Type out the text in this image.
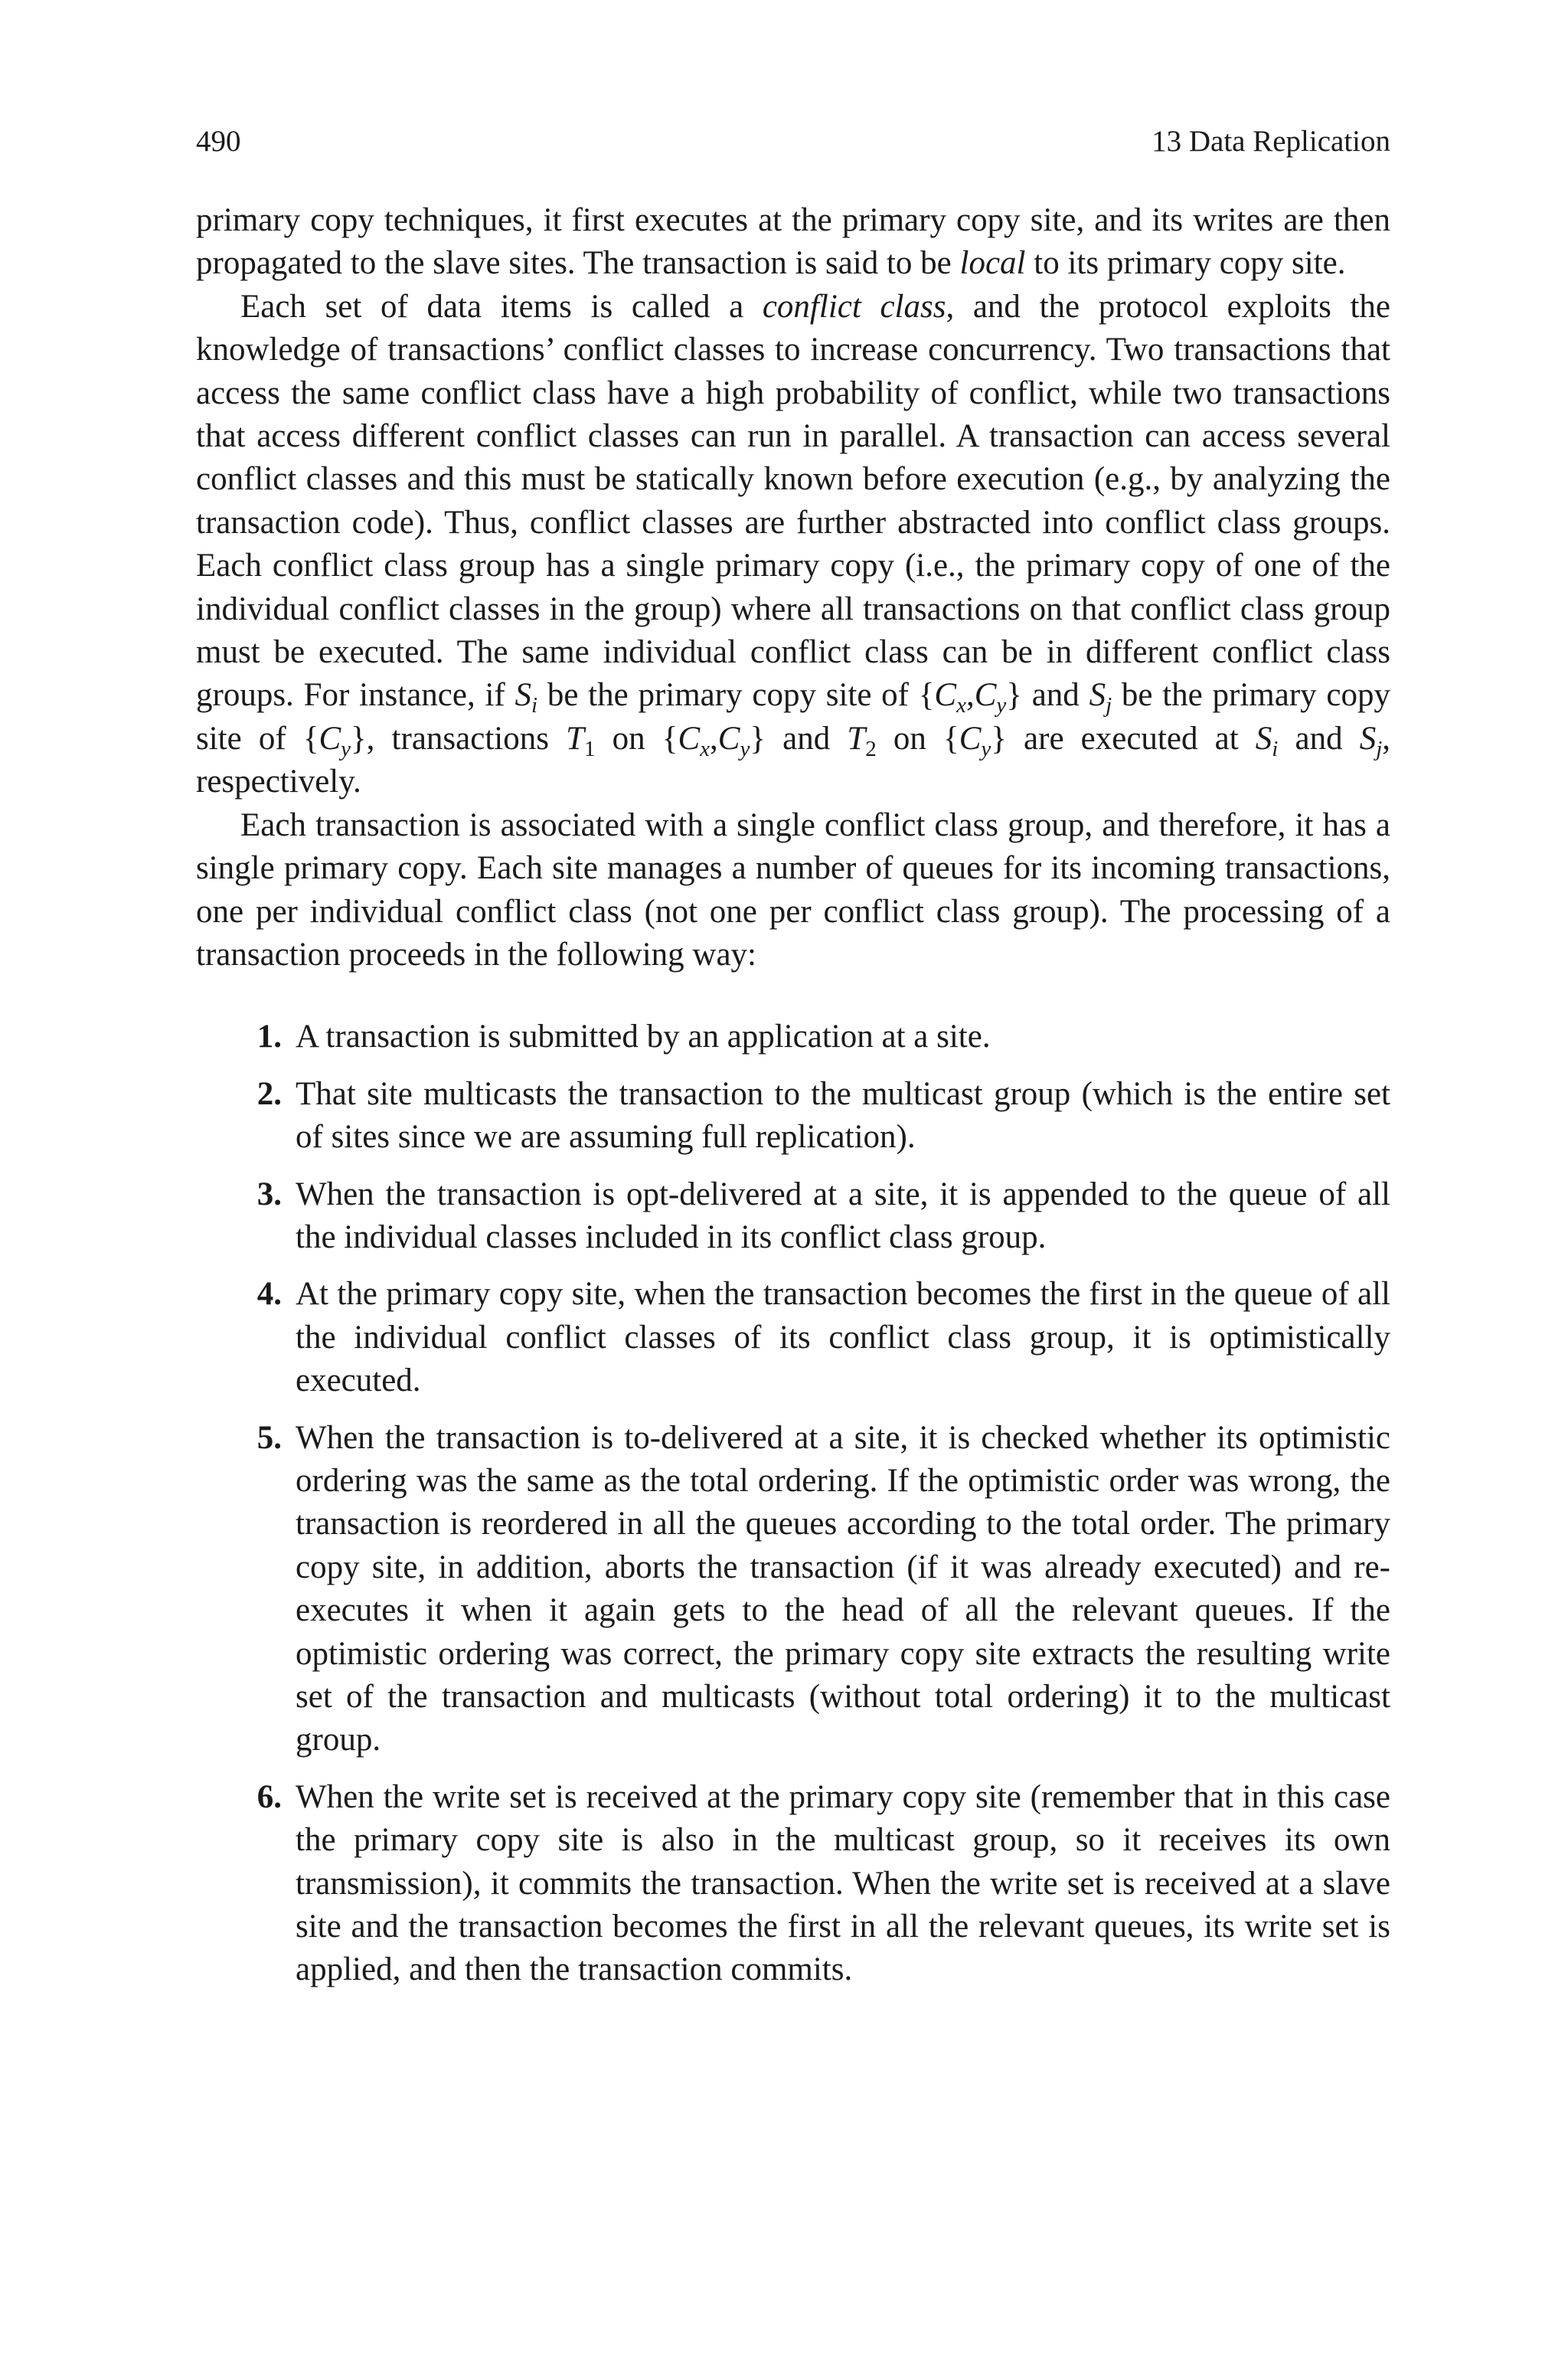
490	13 Data Replication

primary copy techniques, it first executes at the primary copy site, and its writes are then propagated to the slave sites. The transaction is said to be local to its primary copy site.

Each set of data items is called a conflict class, and the protocol exploits the knowledge of transactions’ conflict classes to increase concurrency. Two transactions that access the same conflict class have a high probability of conflict, while two transactions that access different conflict classes can run in parallel. A transaction can access several conflict classes and this must be statically known before execution (e.g., by analyzing the transaction code). Thus, conflict classes are further abstracted into conflict class groups. Each conflict class group has a single primary copy (i.e., the primary copy of one of the individual conflict classes in the group) where all transactions on that conflict class group must be executed. The same individual conflict class can be in different conflict class groups. For instance, if $S_i$ be the primary copy site of $\{C_x,C_y\}$ and $S_j$ be the primary copy site of $\{C_y\}$, transactions $T_1$ on $\{C_x,C_y\}$ and $T_2$ on $\{C_y\}$ are executed at $S_i$ and $S_j$, respectively.

Each transaction is associated with a single conflict class group, and therefore, it has a single primary copy. Each site manages a number of queues for its incoming transactions, one per individual conflict class (not one per conflict class group). The processing of a transaction proceeds in the following way:

1. A transaction is submitted by an application at a site.
2. That site multicasts the transaction to the multicast group (which is the entire set of sites since we are assuming full replication).
3. When the transaction is opt-delivered at a site, it is appended to the queue of all the individual classes included in its conflict class group.
4. At the primary copy site, when the transaction becomes the first in the queue of all the individual conflict classes of its conflict class group, it is optimistically executed.
5. When the transaction is to-delivered at a site, it is checked whether its optimistic ordering was the same as the total ordering. If the optimistic order was wrong, the transaction is reordered in all the queues according to the total order. The primary copy site, in addition, aborts the transaction (if it was already executed) and re-executes it when it again gets to the head of all the relevant queues. If the optimistic ordering was correct, the primary copy site extracts the resulting write set of the transaction and multicasts (without total ordering) it to the multicast group.
6. When the write set is received at the primary copy site (remember that in this case the primary copy site is also in the multicast group, so it receives its own transmission), it commits the transaction. When the write set is received at a slave site and the transaction becomes the first in all the relevant queues, its write set is applied, and then the transaction commits.
